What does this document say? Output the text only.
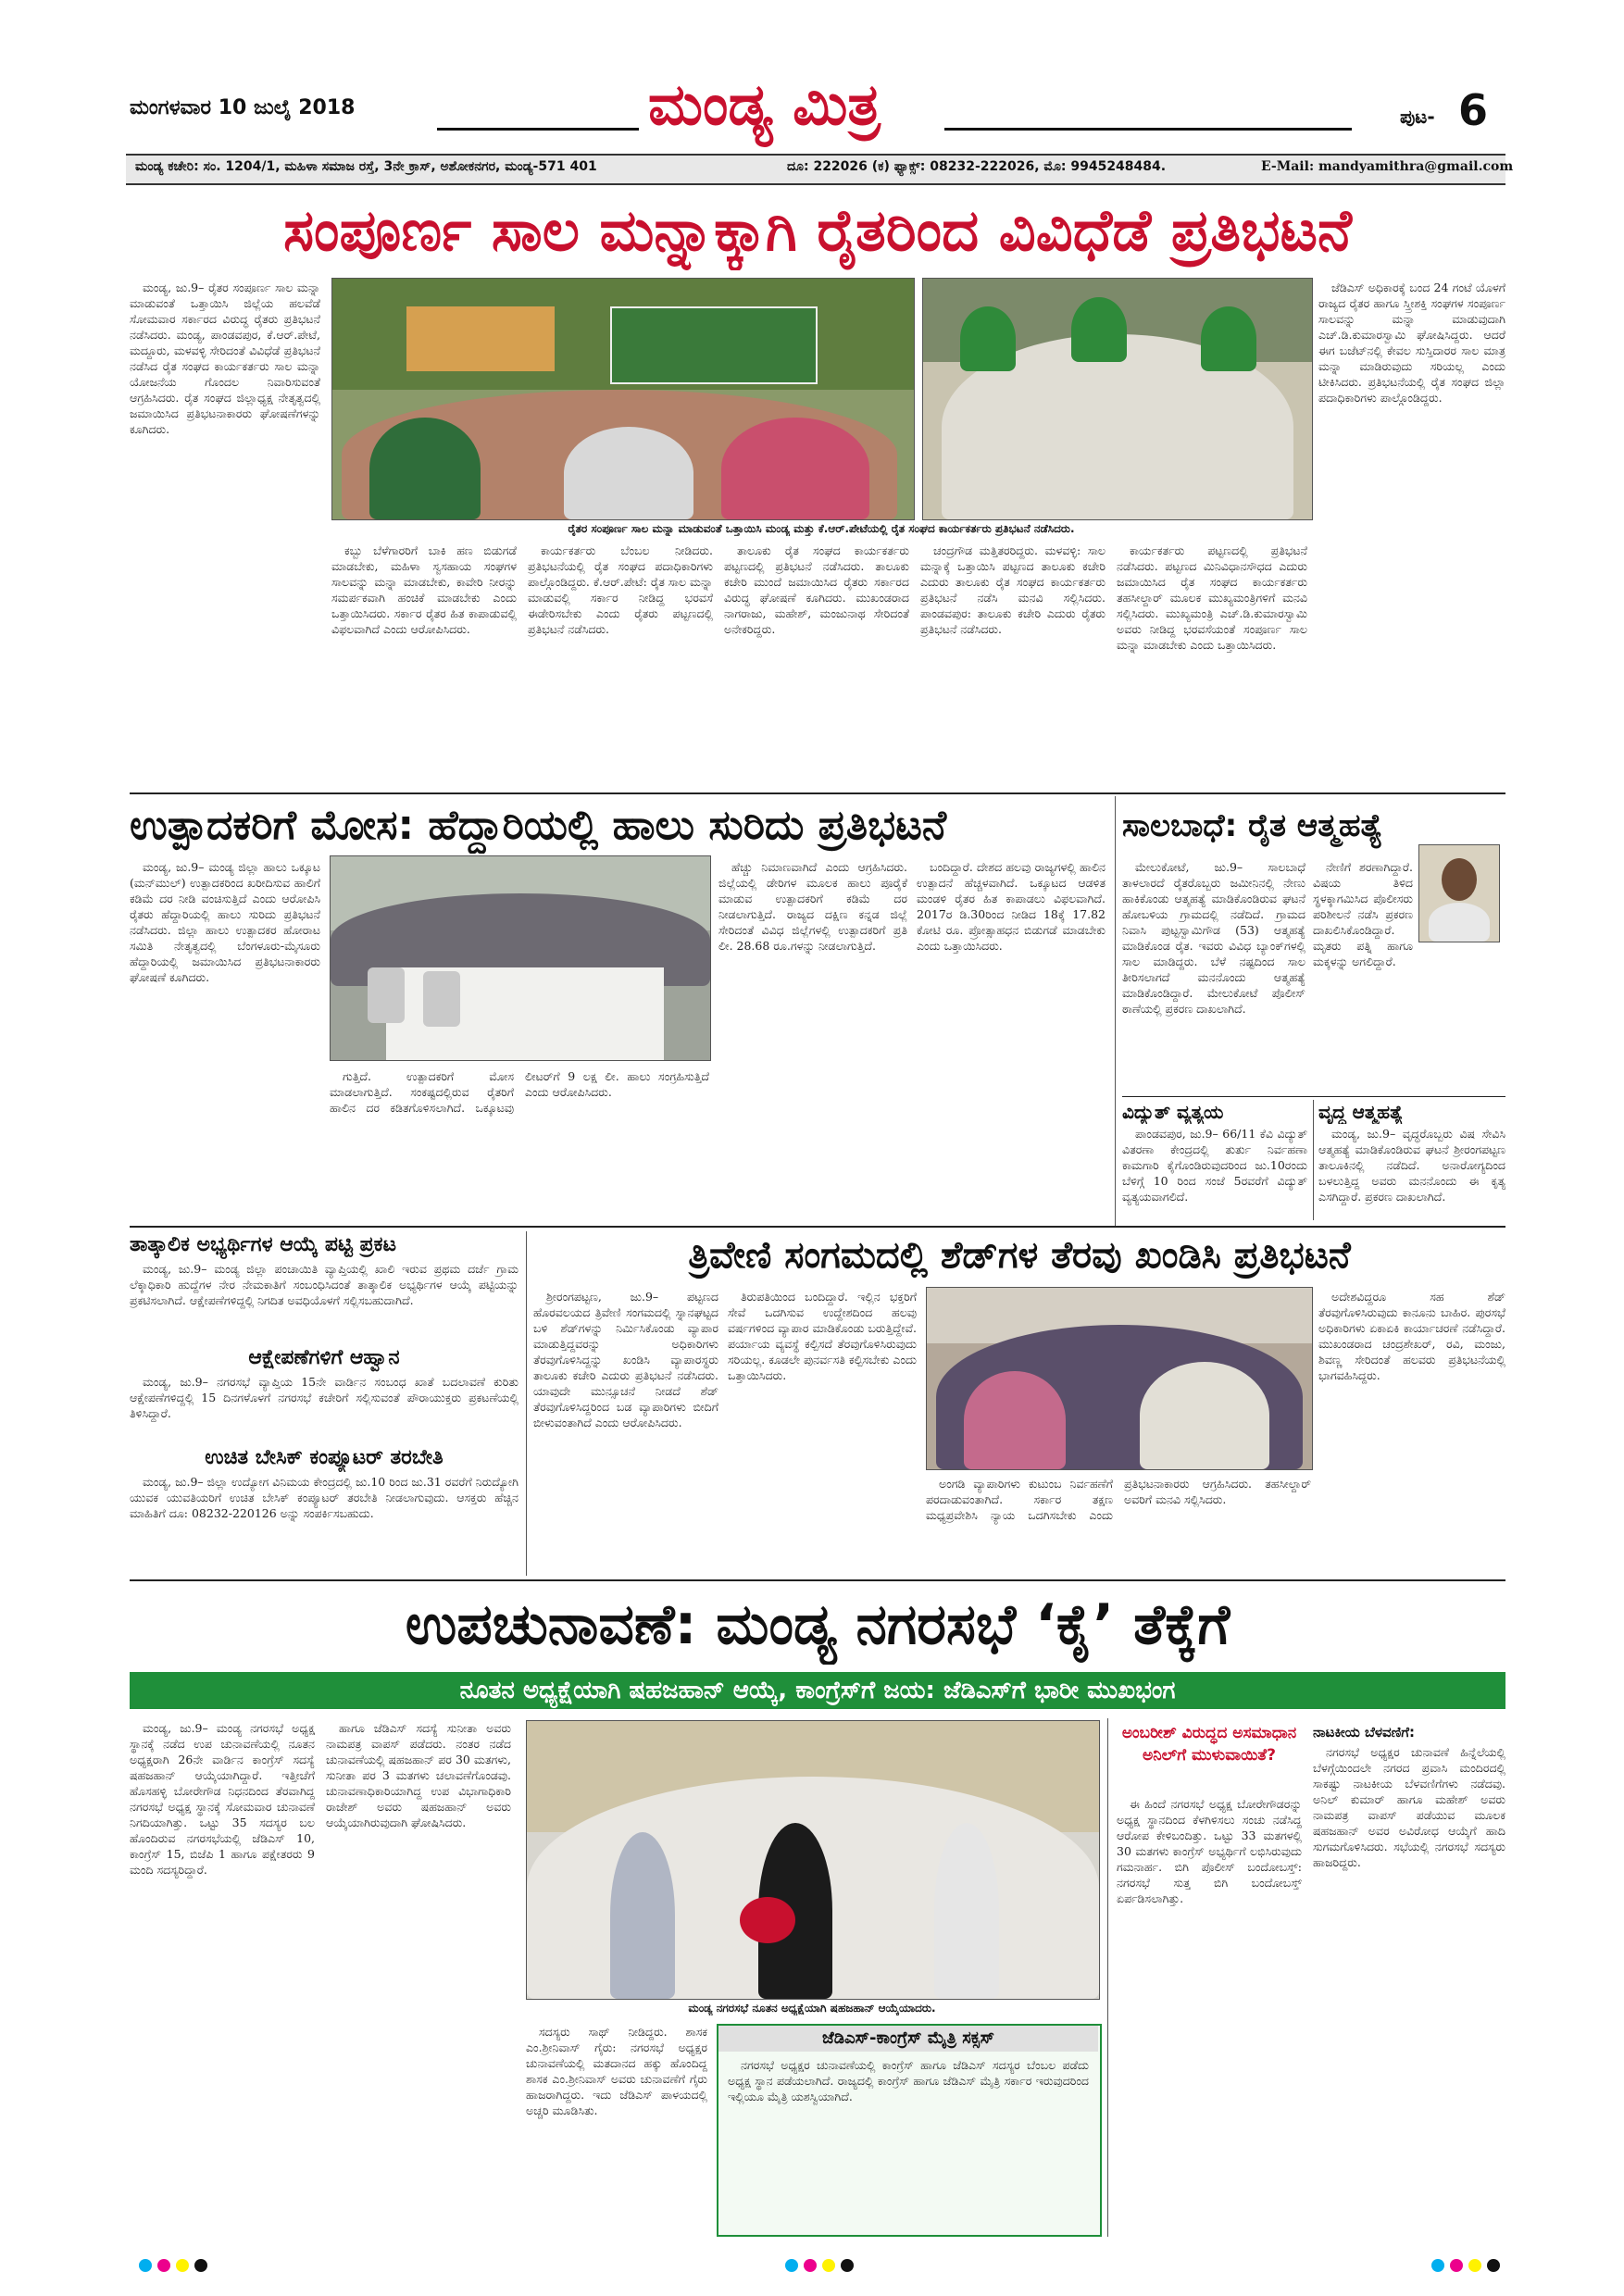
ಮಂಗಳವಾರ 10 ಜುಲೈ 2018	ಮಂಡ್ಯ ಮಿತ್ರ	ಪುಟ- 6
ಮಂಡ್ಯ ಕಚೇರಿ: ಸಂ. 1204/1, ಮಹಿಳಾ ಸಮಾಜ ರಸ್ತೆ, 3ನೇ ಕ್ರಾಸ್, ಅಶೋಕನಗರ, ಮಂಡ್ಯ-571 401	ದೂ: 222026 (ಕ) ಫ್ಯಾಕ್ಸ್: 08232-222026, ಮೊ: 9945248484.	E-Mail: mandyamithra@gmail.com
ಸಂಪೂರ್ಣ ಸಾಲ ಮನ್ನಾಕ್ಕಾಗಿ ರೈತರಿಂದ ವಿವಿಧೆಡೆ ಪ್ರತಿಭಟನೆ

ಮಂಡ್ಯ, ಜು.9– ರೈತರ ಸಂಪೂರ್ಣ ಸಾಲ ಮನ್ನಾ ಮಾಡುವಂತೆ ಒತ್ತಾಯಿಸಿ ಜಿಲ್ಲೆಯ ಹಲವೆಡೆ ಸೋಮವಾರ ಸರ್ಕಾರದ ವಿರುದ್ಧ ರೈತರು ಪ್ರತಿಭಟನೆ ನಡೆಸಿದರು. ಮಂಡ್ಯ, ಪಾಂಡವಪುರ, ಕೆ.ಆರ್.ಪೇಟೆ, ಮದ್ದೂರು, ಮಳವಳ್ಳಿ ಸೇರಿದಂತೆ ವಿವಿಧೆಡೆ ಪ್ರತಿಭಟನೆ ನಡೆಸಿದ ರೈತ ಸಂಘದ ಕಾರ್ಯಕರ್ತರು ಸಾಲ ಮನ್ನಾ ಯೋಜನೆಯ ಗೊಂದಲ ನಿವಾರಿಸುವಂತೆ ಆಗ್ರಹಿಸಿದರು. ರೈತ ಸಂಘದ ಜಿಲ್ಲಾಧ್ಯಕ್ಷ ನೇತೃತ್ವದಲ್ಲಿ ಜಮಾಯಿಸಿದ ಪ್ರತಿಭಟನಾಕಾರರು ಘೋಷಣೆಗಳನ್ನು ಕೂಗಿದರು.

ರೈತರ ಸಂಪೂರ್ಣ ಸಾಲ ಮನ್ನಾ ಮಾಡುವಂತೆ ಒತ್ತಾಯಿಸಿ ಮಂಡ್ಯ ಮತ್ತು ಕೆ.ಆರ್.ಪೇಟೆಯಲ್ಲಿ ರೈತ ಸಂಘದ ಕಾರ್ಯಕರ್ತರು ಪ್ರತಿಭಟನೆ ನಡೆಸಿದರು.

ಕಬ್ಬು ಬೆಳೆಗಾರರಿಗೆ ಬಾಕಿ ಹಣ ಬಿಡುಗಡೆ ಮಾಡಬೇಕು, ಮಹಿಳಾ ಸ್ವಸಹಾಯ ಸಂಘಗಳ ಸಾಲವನ್ನು ಮನ್ನಾ ಮಾಡಬೇಕು, ಕಾವೇರಿ ನೀರನ್ನು ಸಮರ್ಪಕವಾಗಿ ಹಂಚಿಕೆ ಮಾಡಬೇಕು ಎಂದು ಒತ್ತಾಯಿಸಿದರು. ಸರ್ಕಾರ ರೈತರ ಹಿತ ಕಾಪಾಡುವಲ್ಲಿ ವಿಫಲವಾಗಿದೆ ಎಂದು ಆರೋಪಿಸಿದರು.

ಕಾರ್ಯಕರ್ತರು ಬೆಂಬಲ ನೀಡಿದರು. ಪ್ರತಿಭಟನೆಯಲ್ಲಿ ರೈತ ಸಂಘದ ಪದಾಧಿಕಾರಿಗಳು ಪಾಲ್ಗೊಂಡಿದ್ದರು. ಕೆ.ಆರ್.ಪೇಟೆ: ರೈತ ಸಾಲ ಮನ್ನಾ ಮಾಡುವಲ್ಲಿ ಸರ್ಕಾರ ನೀಡಿದ್ದ ಭರವಸೆ ಈಡೇರಿಸಬೇಕು ಎಂದು ರೈತರು ಪಟ್ಟಣದಲ್ಲಿ ಪ್ರತಿಭಟನೆ ನಡೆಸಿದರು.

ತಾಲೂಕು ರೈತ ಸಂಘದ ಕಾರ್ಯಕರ್ತರು ಪಟ್ಟಣದಲ್ಲಿ ಪ್ರತಿಭಟನೆ ನಡೆಸಿದರು. ತಾಲೂಕು ಕಚೇರಿ ಮುಂದೆ ಜಮಾಯಿಸಿದ ರೈತರು ಸರ್ಕಾರದ ವಿರುದ್ಧ ಘೋಷಣೆ ಕೂಗಿದರು. ಮುಖಂಡರಾದ ನಾಗರಾಜು, ಮಹೇಶ್, ಮಂಜುನಾಥ ಸೇರಿದಂತೆ ಅನೇಕರಿದ್ದರು.

ಚಂದ್ರಗೌಡ ಮತ್ತಿತರರಿದ್ದರು. ಮಳವಳ್ಳಿ: ಸಾಲ ಮನ್ನಾಕ್ಕೆ ಒತ್ತಾಯಿಸಿ ಪಟ್ಟಣದ ತಾಲೂಕು ಕಚೇರಿ ಎದುರು ತಾಲೂಕು ರೈತ ಸಂಘದ ಕಾರ್ಯಕರ್ತರು ಪ್ರತಿಭಟನೆ ನಡೆಸಿ ಮನವಿ ಸಲ್ಲಿಸಿದರು. ಪಾಂಡವಪುರ: ತಾಲೂಕು ಕಚೇರಿ ಎದುರು ರೈತರು ಪ್ರತಿಭಟನೆ ನಡೆಸಿದರು.

ಕಾರ್ಯಕರ್ತರು ಪಟ್ಟಣದಲ್ಲಿ ಪ್ರತಿಭಟನೆ ನಡೆಸಿದರು. ಪಟ್ಟಣದ ಮಿನಿವಿಧಾನಸೌಧದ ಎದುರು ಜಮಾಯಿಸಿದ ರೈತ ಸಂಘದ ಕಾರ್ಯಕರ್ತರು ತಹಸೀಲ್ದಾರ್ ಮೂಲಕ ಮುಖ್ಯಮಂತ್ರಿಗಳಿಗೆ ಮನವಿ ಸಲ್ಲಿಸಿದರು. ಮುಖ್ಯಮಂತ್ರಿ ಎಚ್.ಡಿ.ಕುಮಾರಸ್ವಾಮಿ ಅವರು ನೀಡಿದ್ದ ಭರವಸೆಯಂತೆ ಸಂಪೂರ್ಣ ಸಾಲ ಮನ್ನಾ ಮಾಡಬೇಕು ಎಂದು ಒತ್ತಾಯಿಸಿದರು.

ಜೆಡಿಎಸ್ ಅಧಿಕಾರಕ್ಕೆ ಬಂದ 24 ಗಂಟೆ ಯೊಳಗೆ ರಾಜ್ಯದ ರೈತರ ಹಾಗೂ ಸ್ತ್ರೀಶಕ್ತಿ ಸಂಘಗಳ ಸಂಪೂರ್ಣ ಸಾಲವನ್ನು ಮನ್ನಾ ಮಾಡುವುದಾಗಿ ಎಚ್.ಡಿ.ಕುಮಾರಸ್ವಾಮಿ ಘೋಷಿಸಿದ್ದರು. ಆದರೆ ಈಗ ಬಜೆಟ್‌ನಲ್ಲಿ ಕೇವಲ ಸುಸ್ತಿದಾರರ ಸಾಲ ಮಾತ್ರ ಮನ್ನಾ ಮಾಡಿರುವುದು ಸರಿಯಲ್ಲ ಎಂದು ಟೀಕಿಸಿದರು. ಪ್ರತಿಭಟನೆಯಲ್ಲಿ ರೈತ ಸಂಘದ ಜಿಲ್ಲಾ ಪದಾಧಿಕಾರಿಗಳು ಪಾಲ್ಗೊಂಡಿದ್ದರು.

ಉತ್ಪಾದಕರಿಗೆ ಮೋಸ: ಹೆದ್ದಾರಿಯಲ್ಲಿ ಹಾಲು ಸುರಿದು ಪ್ರತಿಭಟನೆ

ಮಂಡ್ಯ, ಜು.9– ಮಂಡ್ಯ ಜಿಲ್ಲಾ ಹಾಲು ಒಕ್ಕೂಟ (ಮನ್‌ಮುಲ್) ಉತ್ಪಾದಕರಿಂದ ಖರೀದಿಸುವ ಹಾಲಿಗೆ ಕಡಿಮೆ ದರ ನೀಡಿ ವಂಚಿಸುತ್ತಿದೆ ಎಂದು ಆರೋಪಿಸಿ ರೈತರು ಹೆದ್ದಾರಿಯಲ್ಲಿ ಹಾಲು ಸುರಿದು ಪ್ರತಿಭಟನೆ ನಡೆಸಿದರು. ಜಿಲ್ಲಾ ಹಾಲು ಉತ್ಪಾದಕರ ಹೋರಾಟ ಸಮಿತಿ ನೇತೃತ್ವದಲ್ಲಿ ಬೆಂಗಳೂರು-ಮೈಸೂರು ಹೆದ್ದಾರಿಯಲ್ಲಿ ಜಮಾಯಿಸಿದ ಪ್ರತಿಭಟನಾಕಾರರು ಘೋಷಣೆ ಕೂಗಿದರು.

ಗುತ್ತಿದೆ. ಉತ್ಪಾದಕರಿಗೆ ಮೋಸ ಮಾಡಲಾಗುತ್ತಿದೆ. ಸಂಕಷ್ಟದಲ್ಲಿರುವ ರೈತರಿಗೆ ಹಾಲಿನ ದರ ಕಡಿತಗೊಳಿಸಲಾಗಿದೆ. ಒಕ್ಕೂಟವು ಲೀಟರ್‌ಗೆ 9 ಲಕ್ಷ ಲೀ. ಹಾಲು ಸಂಗ್ರಹಿಸುತ್ತಿದೆ ಎಂದು ಆರೋಪಿಸಿದರು.

ಹೆಚ್ಚು ನಿಮಾಣವಾಗಿದೆ ಎಂದು ಆಗ್ರಹಿಸಿದರು. ಜಿಲ್ಲೆಯಲ್ಲಿ ಡೇರಿಗಳ ಮೂಲಕ ಹಾಲು ಪೂರೈಕೆ ಮಾಡುವ ಉತ್ಪಾದಕರಿಗೆ ಕಡಿಮೆ ದರ ನೀಡಲಾಗುತ್ತಿದೆ. ರಾಜ್ಯದ ದಕ್ಷಿಣ ಕನ್ನಡ ಜಿಲ್ಲೆ ಸೇರಿದಂತೆ ವಿವಿಧ ಜಿಲ್ಲೆಗಳಲ್ಲಿ ಉತ್ಪಾದಕರಿಗೆ ಪ್ರತಿ ಲೀ. 28.68 ರೂ.ಗಳನ್ನು ನೀಡಲಾಗುತ್ತಿದೆ.

ಬಂದಿದ್ದಾರೆ. ದೇಶದ ಹಲವು ರಾಜ್ಯಗಳಲ್ಲಿ ಹಾಲಿನ ಉತ್ಪಾದನೆ ಹೆಚ್ಚಳವಾಗಿದೆ. ಒಕ್ಕೂಟದ ಆಡಳಿತ ಮಂಡಳಿ ರೈತರ ಹಿತ ಕಾಪಾಡಲು ವಿಫಲವಾಗಿದೆ. 2017ರ ಡಿ.30ರಿಂದ ನೀಡಿದ 18ಕ್ಕೆ 17.82 ಕೋಟಿ ರೂ. ಪ್ರೋತ್ಸಾಹಧನ ಬಿಡುಗಡೆ ಮಾಡಬೇಕು ಎಂದು ಒತ್ತಾಯಿಸಿದರು.

ಸಾಲಬಾಧೆ: ರೈತ ಆತ್ಮಹತ್ಯೆ

ಮೇಲುಕೋಟೆ, ಜು.9– ಸಾಲಬಾಧೆ ತಾಳಲಾರದೆ ರೈತರೊಬ್ಬರು ಜಮೀನಿನಲ್ಲಿ ನೇಣು ಹಾಕಿಕೊಂಡು ಆತ್ಮಹತ್ಯೆ ಮಾಡಿಕೊಂಡಿರುವ ಘಟನೆ ಹೋಬಳಿಯ ಗ್ರಾಮದಲ್ಲಿ ನಡೆದಿದೆ. ಗ್ರಾಮದ ನಿವಾಸಿ ಪುಟ್ಟಸ್ವಾಮಿಗೌಡ (53) ಆತ್ಮಹತ್ಯೆ ಮಾಡಿಕೊಂಡ ರೈತ. ಇವರು ವಿವಿಧ ಬ್ಯಾಂಕ್‌ಗಳಲ್ಲಿ ಸಾಲ ಮಾಡಿದ್ದರು. ಬೆಳೆ ನಷ್ಟದಿಂದ ಸಾಲ ತೀರಿಸಲಾಗದೆ ಮನನೊಂದು ಆತ್ಮಹತ್ಯೆ ಮಾಡಿಕೊಂಡಿದ್ದಾರೆ. ಮೇಲುಕೋಟೆ ಪೊಲೀಸ್ ಠಾಣೆಯಲ್ಲಿ ಪ್ರಕರಣ ದಾಖಲಾಗಿದೆ.

ನೇಣಿಗೆ ಶರಣಾಗಿದ್ದಾರೆ. ವಿಷಯ ತಿಳಿದ ಸ್ಥಳಕ್ಕಾಗಮಿಸಿದ ಪೊಲೀಸರು ಪರಿಶೀಲನೆ ನಡೆಸಿ ಪ್ರಕರಣ ದಾಖಲಿಸಿಕೊಂಡಿದ್ದಾರೆ. ಮೃತರು ಪತ್ನಿ ಹಾಗೂ ಮಕ್ಕಳನ್ನು ಅಗಲಿದ್ದಾರೆ.

ವಿದ್ಯುತ್ ವ್ಯತ್ಯಯ

ಪಾಂಡವಪುರ, ಜು.9– 66/11 ಕೆವಿ ವಿದ್ಯುತ್ ವಿತರಣಾ ಕೇಂದ್ರದಲ್ಲಿ ತುರ್ತು ನಿರ್ವಹಣಾ ಕಾಮಗಾರಿ ಕೈಗೊಂಡಿರುವುದರಿಂದ ಜು.10ರಂದು ಬೆಳಿಗ್ಗೆ 10 ರಿಂದ ಸಂಜೆ 5ರವರೆಗೆ ವಿದ್ಯುತ್ ವ್ಯತ್ಯಯವಾಗಲಿದೆ.

ವೃದ್ಧ ಆತ್ಮಹತ್ಯೆ

ಮಂಡ್ಯ, ಜು.9– ವೃದ್ಧರೊಬ್ಬರು ವಿಷ ಸೇವಿಸಿ ಆತ್ಮಹತ್ಯೆ ಮಾಡಿಕೊಂಡಿರುವ ಘಟನೆ ಶ್ರೀರಂಗಪಟ್ಟಣ ತಾಲೂಕಿನಲ್ಲಿ ನಡೆದಿದೆ. ಅನಾರೋಗ್ಯದಿಂದ ಬಳಲುತ್ತಿದ್ದ ಅವರು ಮನನೊಂದು ಈ ಕೃತ್ಯ ಎಸಗಿದ್ದಾರೆ. ಪ್ರಕರಣ ದಾಖಲಾಗಿದೆ.

ತಾತ್ಕಾಲಿಕ ಅಭ್ಯರ್ಥಿಗಳ ಆಯ್ಕೆ ಪಟ್ಟಿ ಪ್ರಕಟ

ಮಂಡ್ಯ, ಜು.9– ಮಂಡ್ಯ ಜಿಲ್ಲಾ ಪಂಚಾಯಿತಿ ವ್ಯಾಪ್ತಿಯಲ್ಲಿ ಖಾಲಿ ಇರುವ ಪ್ರಥಮ ದರ್ಜೆ ಗ್ರಾಮ ಲೆಕ್ಕಾಧಿಕಾರಿ ಹುದ್ದೆಗಳ ನೇರ ನೇಮಕಾತಿಗೆ ಸಂಬಂಧಿಸಿದಂತೆ ತಾತ್ಕಾಲಿಕ ಅಭ್ಯರ್ಥಿಗಳ ಆಯ್ಕೆ ಪಟ್ಟಿಯನ್ನು ಪ್ರಕಟಿಸಲಾಗಿದೆ. ಆಕ್ಷೇಪಣೆಗಳಿದ್ದಲ್ಲಿ ನಿಗದಿತ ಅವಧಿಯೊಳಗೆ ಸಲ್ಲಿಸಬಹುದಾಗಿದೆ.

ಆಕ್ಷೇಪಣೆಗಳಿಗೆ ಆಹ್ವಾನ

ಮಂಡ್ಯ, ಜು.9– ನಗರಸಭೆ ವ್ಯಾಪ್ತಿಯ 15ನೇ ವಾರ್ಡಿನ ಸಂಬಂಧ ಖಾತೆ ಬದಲಾವಣೆ ಕುರಿತು ಆಕ್ಷೇಪಣೆಗಳಿದ್ದಲ್ಲಿ 15 ದಿನಗಳೊಳಗೆ ನಗರಸಭೆ ಕಚೇರಿಗೆ ಸಲ್ಲಿಸುವಂತೆ ಪೌರಾಯುಕ್ತರು ಪ್ರಕಟಣೆಯಲ್ಲಿ ತಿಳಿಸಿದ್ದಾರೆ.

ಉಚಿತ ಬೇಸಿಕ್ ಕಂಪ್ಯೂಟರ್ ತರಬೇತಿ

ಮಂಡ್ಯ, ಜು.9– ಜಿಲ್ಲಾ ಉದ್ಯೋಗ ವಿನಿಮಯ ಕೇಂದ್ರದಲ್ಲಿ ಜು.10 ರಿಂದ ಜು.31 ರವರೆಗೆ ನಿರುದ್ಯೋಗಿ ಯುವಕ ಯುವತಿಯರಿಗೆ ಉಚಿತ ಬೇಸಿಕ್ ಕಂಪ್ಯೂಟರ್ ತರಬೇತಿ ನೀಡಲಾಗುವುದು. ಆಸಕ್ತರು ಹೆಚ್ಚಿನ ಮಾಹಿತಿಗೆ ದೂ: 08232-220126 ಅನ್ನು ಸಂಪರ್ಕಿಸಬಹುದು.

ತ್ರಿವೇಣಿ ಸಂಗಮದಲ್ಲಿ ಶೆಡ್‌ಗಳ ತೆರವು ಖಂಡಿಸಿ ಪ್ರತಿಭಟನೆ

ಶ್ರೀರಂಗಪಟ್ಟಣ, ಜು.9– ಪಟ್ಟಣದ ಹೊರವಲಯದ ತ್ರಿವೇಣಿ ಸಂಗಮದಲ್ಲಿ ಸ್ನಾನಘಟ್ಟದ ಬಳಿ ಶೆಡ್‌ಗಳನ್ನು ನಿರ್ಮಿಸಿಕೊಂಡು ವ್ಯಾಪಾರ ಮಾಡುತ್ತಿದ್ದವರನ್ನು ಅಧಿಕಾರಿಗಳು ತೆರವುಗೊಳಿಸಿದ್ದನ್ನು ಖಂಡಿಸಿ ವ್ಯಾಪಾರಸ್ಥರು ತಾಲೂಕು ಕಚೇರಿ ಎದುರು ಪ್ರತಿಭಟನೆ ನಡೆಸಿದರು. ಯಾವುದೇ ಮುನ್ಸೂಚನೆ ನೀಡದೆ ಶೆಡ್ ತೆರವುಗೊಳಿಸಿದ್ದರಿಂದ ಬಡ ವ್ಯಾಪಾರಿಗಳು ಬೀದಿಗೆ ಬೀಳುವಂತಾಗಿದೆ ಎಂದು ಆರೋಪಿಸಿದರು.

ತಿರುಪತಿಯಿಂದ ಬಂದಿದ್ದಾರೆ. ಇಲ್ಲಿನ ಭಕ್ತರಿಗೆ ಸೇವೆ ಒದಗಿಸುವ ಉದ್ದೇಶದಿಂದ ಹಲವು ವರ್ಷಗಳಿಂದ ವ್ಯಾಪಾರ ಮಾಡಿಕೊಂಡು ಬರುತ್ತಿದ್ದೇವೆ. ಪರ್ಯಾಯ ವ್ಯವಸ್ಥೆ ಕಲ್ಪಿಸದೆ ತೆರವುಗೊಳಿಸಿರುವುದು ಸರಿಯಲ್ಲ. ಕೂಡಲೇ ಪುನರ್ವಸತಿ ಕಲ್ಪಿಸಬೇಕು ಎಂದು ಒತ್ತಾಯಿಸಿದರು.

ಅಂಗಡಿ ವ್ಯಾಪಾರಿಗಳು ಕುಟುಂಬ ನಿರ್ವಹಣೆಗೆ ಪರದಾಡುವಂತಾಗಿದೆ. ಸರ್ಕಾರ ತಕ್ಷಣ ಮಧ್ಯಪ್ರವೇಶಿಸಿ ನ್ಯಾಯ ಒದಗಿಸಬೇಕು ಎಂದು ಪ್ರತಿಭಟನಾಕಾರರು ಆಗ್ರಹಿಸಿದರು. ತಹಸೀಲ್ದಾರ್ ಅವರಿಗೆ ಮನವಿ ಸಲ್ಲಿಸಿದರು.

ಅದೇಶವಿದ್ದರೂ ಸಹ ಶೆಡ್ ತೆರವುಗೊಳಿಸಿರುವುದು ಕಾನೂನು ಬಾಹಿರ. ಪುರಸಭೆ ಅಧಿಕಾರಿಗಳು ಏಕಾಏಕಿ ಕಾರ್ಯಾಚರಣೆ ನಡೆಸಿದ್ದಾರೆ. ಮುಖಂಡರಾದ ಚಂದ್ರಶೇಖರ್, ರವಿ, ಮಂಜು, ಶಿವಣ್ಣ ಸೇರಿದಂತೆ ಹಲವರು ಪ್ರತಿಭಟನೆಯಲ್ಲಿ ಭಾಗವಹಿಸಿದ್ದರು.

ಉಪಚುನಾವಣೆ: ಮಂಡ್ಯ ನಗರಸಭೆ ‘ಕೈ’ ತೆಕ್ಕೆಗೆ
ನೂತನ ಅಧ್ಯಕ್ಷೆಯಾಗಿ ಷಹಜಹಾನ್ ಆಯ್ಕೆ, ಕಾಂಗ್ರೆಸ್‌ಗೆ ಜಯ: ಜೆಡಿಎಸ್‌ಗೆ ಭಾರೀ ಮುಖಭಂಗ

ಮಂಡ್ಯ, ಜು.9– ಮಂಡ್ಯ ನಗರಸಭೆ ಅಧ್ಯಕ್ಷ ಸ್ಥಾನಕ್ಕೆ ನಡೆದ ಉಪ ಚುನಾವಣೆಯಲ್ಲಿ ನೂತನ ಅಧ್ಯಕ್ಷರಾಗಿ 26ನೇ ವಾರ್ಡಿನ ಕಾಂಗ್ರೆಸ್ ಸದಸ್ಯೆ ಷಹಜಹಾನ್ ಆಯ್ಕೆಯಾಗಿದ್ದಾರೆ. ಇತ್ತೀಚೆಗೆ ಹೊಸಹಳ್ಳಿ ಬೋರೇಗೌಡ ನಿಧನದಿಂದ ತೆರವಾಗಿದ್ದ ನಗರಸಭೆ ಅಧ್ಯಕ್ಷ ಸ್ಥಾನಕ್ಕೆ ಸೋಮವಾರ ಚುನಾವಣೆ ನಿಗದಿಯಾಗಿತ್ತು. ಒಟ್ಟು 35 ಸದಸ್ಯರ ಬಲ ಹೊಂದಿರುವ ನಗರಸಭೆಯಲ್ಲಿ ಜೆಡಿಎಸ್ 10, ಕಾಂಗ್ರೆಸ್ 15, ಬಿಜೆಪಿ 1 ಹಾಗೂ ಪಕ್ಷೇತರರು 9 ಮಂದಿ ಸದಸ್ಯರಿದ್ದಾರೆ.

ಹಾಗೂ ಜೆಡಿಎಸ್ ಸದಸ್ಯೆ ಸುನೀತಾ ಅವರು ನಾಮಪತ್ರ ವಾಪಸ್ ಪಡೆದರು. ನಂತರ ನಡೆದ ಚುನಾವಣೆಯಲ್ಲಿ ಷಹಜಹಾನ್ ಪರ 30 ಮತಗಳು, ಸುನೀತಾ ಪರ 3 ಮತಗಳು ಚಲಾವಣೆಗೊಂಡವು. ಚುನಾವಣಾಧಿಕಾರಿಯಾಗಿದ್ದ ಉಪ ವಿಭಾಗಾಧಿಕಾರಿ ರಾಜೇಶ್ ಅವರು ಷಹಜಹಾನ್ ಅವರು ಆಯ್ಕೆಯಾಗಿರುವುದಾಗಿ ಘೋಷಿಸಿದರು.

ಮಂಡ್ಯ ನಗರಸಭೆ ನೂತನ ಅಧ್ಯಕ್ಷೆಯಾಗಿ ಷಹಜಹಾನ್ ಆಯ್ಕೆಯಾದರು.

ಸದಸ್ಯರು ಸಾಥ್ ನೀಡಿದ್ದರು. ಶಾಸಕ ಎಂ.ಶ್ರೀನಿವಾಸ್ ಗೈರು: ನಗರಸಭೆ ಅಧ್ಯಕ್ಷರ ಚುನಾವಣೆಯಲ್ಲಿ ಮತದಾನದ ಹಕ್ಕು ಹೊಂದಿದ್ದ ಶಾಸಕ ಎಂ.ಶ್ರೀನಿವಾಸ್ ಅವರು ಚುನಾವಣೆಗೆ ಗೈರು ಹಾಜರಾಗಿದ್ದರು. ಇದು ಜೆಡಿಎಸ್ ಪಾಳಯದಲ್ಲಿ ಅಚ್ಚರಿ ಮೂಡಿಸಿತು.

ಜೆಡಿಎಸ್-ಕಾಂಗ್ರೆಸ್ ಮೈತ್ರಿ ಸಕ್ಸಸ್

ನಗರಸಭೆ ಅಧ್ಯಕ್ಷರ ಚುನಾವಣೆಯಲ್ಲಿ ಕಾಂಗ್ರೆಸ್ ಹಾಗೂ ಜೆಡಿಎಸ್ ಸದಸ್ಯರ ಬೆಂಬಲ ಪಡೆದು ಅಧ್ಯಕ್ಷ ಸ್ಥಾನ ಪಡೆಯಲಾಗಿದೆ. ರಾಜ್ಯದಲ್ಲಿ ಕಾಂಗ್ರೆಸ್ ಹಾಗೂ ಜೆಡಿಎಸ್ ಮೈತ್ರಿ ಸರ್ಕಾರ ಇರುವುದರಿಂದ ಇಲ್ಲಿಯೂ ಮೈತ್ರಿ ಯಶಸ್ವಿಯಾಗಿದೆ.

ಅಂಬರೀಶ್ ವಿರುದ್ಧದ ಅಸಮಾಧಾನ ಅನಿಲ್‌ಗೆ ಮುಳುವಾಯಿತೆ?

ಈ ಹಿಂದೆ ನಗರಸಭೆ ಅಧ್ಯಕ್ಷ ಬೋರೇಗೌಡರನ್ನು ಅಧ್ಯಕ್ಷ ಸ್ಥಾನದಿಂದ ಕೆಳಗಿಳಿಸಲು ಸಂಚು ನಡೆಸಿದ್ದ ಆರೋಪ ಕೇಳಿಬಂದಿತ್ತು. ಒಟ್ಟು 33 ಮತಗಳಲ್ಲಿ 30 ಮತಗಳು ಕಾಂಗ್ರೆಸ್ ಅಭ್ಯರ್ಥಿಗೆ ಲಭಿಸಿರುವುದು ಗಮನಾರ್ಹ. ಬಿಗಿ ಪೊಲೀಸ್ ಬಂದೋಬಸ್ತ್: ನಗರಸಭೆ ಸುತ್ತ ಬಿಗಿ ಬಂದೋಬಸ್ತ್ ಏರ್ಪಡಿಸಲಾಗಿತ್ತು.

ನಾಟಕೀಯ ಬೆಳವಣಿಗೆ:

ನಗರಸಭೆ ಅಧ್ಯಕ್ಷರ ಚುನಾವಣೆ ಹಿನ್ನೆಲೆಯಲ್ಲಿ ಬೆಳಗ್ಗೆಯಿಂದಲೇ ನಗರದ ಪ್ರವಾಸಿ ಮಂದಿರದಲ್ಲಿ ಸಾಕಷ್ಟು ನಾಟಕೀಯ ಬೆಳವಣಿಗೆಗಳು ನಡೆದವು. ಅನಿಲ್ ಕುಮಾರ್ ಹಾಗೂ ಮಹೇಶ್ ಅವರು ನಾಮಪತ್ರ ವಾಪಸ್ ಪಡೆಯುವ ಮೂಲಕ ಷಹಜಹಾನ್ ಅವರ ಅವಿರೋಧ ಆಯ್ಕೆಗೆ ಹಾದಿ ಸುಗಮಗೊಳಿಸಿದರು. ಸಭೆಯಲ್ಲಿ ನಗರಸಭೆ ಸದಸ್ಯರು ಹಾಜರಿದ್ದರು.
